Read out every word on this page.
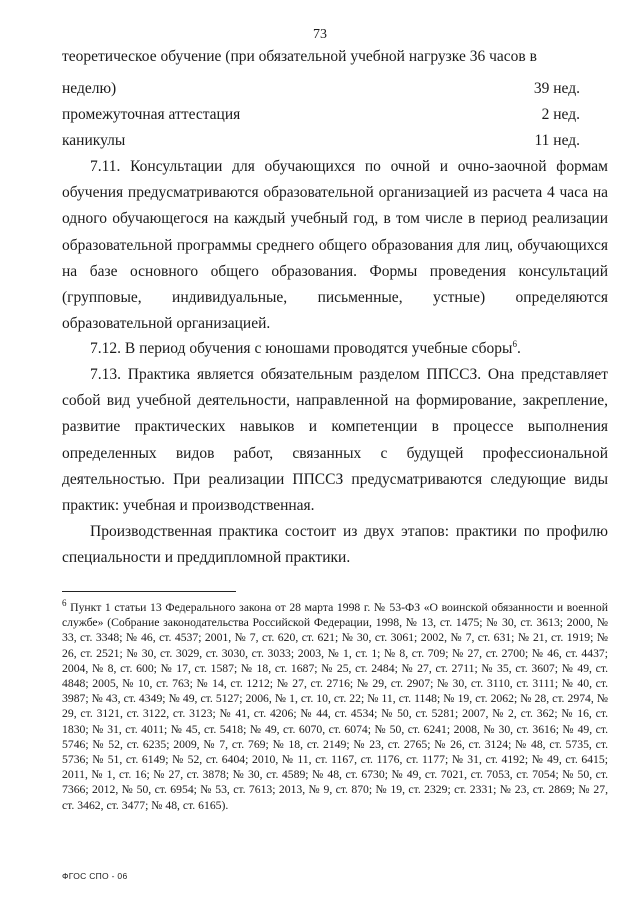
73
теоретическое обучение (при обязательной учебной нагрузке 36 часов в
неделю)	39 нед.
промежуточная аттестация	2 нед.
каникулы	11 нед.
7.11. Консультации для обучающихся по очной и очно-заочной формам обучения предусматриваются образовательной организацией из расчета 4 часа на одного обучающегося на каждый учебный год, в том числе в период реализации образовательной программы среднего общего образования для лиц, обучающихся на базе основного общего образования. Формы проведения консультаций (групповые, индивидуальные, письменные, устные) определяются образовательной организацией.
7.12. В период обучения с юношами проводятся учебные сборы$^6$.
7.13. Практика является обязательным разделом ППССЗ. Она представляет собой вид учебной деятельности, направленной на формирование, закрепление, развитие практических навыков и компетенции в процессе выполнения определенных видов работ, связанных с будущей профессиональной деятельностью. При реализации ППССЗ предусматриваются следующие виды практик: учебная и производственная.
Производственная практика состоит из двух этапов: практики по профилю специальности и преддипломной практики.
$^6$ Пункт 1 статьи 13 Федерального закона от 28 марта 1998 г. № 53-ФЗ «О воинской обязанности и военной службе» (Собрание законодательства Российской Федерации, 1998, № 13, ст. 1475; № 30, ст. 3613; 2000, № 33, ст. 3348; № 46, ст. 4537; 2001, № 7, ст. 620, ст. 621; № 30, ст. 3061; 2002, № 7, ст. 631; № 21, ст. 1919; № 26, ст. 2521; № 30, ст. 3029, ст. 3030, ст. 3033; 2003, № 1, ст. 1; № 8, ст. 709; № 27, ст. 2700; № 46, ст. 4437; 2004, № 8, ст. 600; № 17, ст. 1587; № 18, ст. 1687; № 25, ст. 2484; № 27, ст. 2711; № 35, ст. 3607; № 49, ст. 4848; 2005, № 10, ст. 763; № 14, ст. 1212; № 27, ст. 2716; № 29, ст. 2907; № 30, ст. 3110, ст. 3111; № 40, ст. 3987; № 43, ст. 4349; № 49, ст. 5127; 2006, № 1, ст. 10, ст. 22; № 11, ст. 1148; № 19, ст. 2062; № 28, ст. 2974, № 29, ст. 3121, ст. 3122, ст. 3123; № 41, ст. 4206; № 44, ст. 4534; № 50, ст. 5281; 2007, № 2, ст. 362; № 16, ст. 1830; № 31, ст. 4011; № 45, ст. 5418; № 49, ст. 6070, ст. 6074; № 50, ст. 6241; 2008, № 30, ст. 3616; № 49, ст. 5746; № 52, ст. 6235; 2009, № 7, ст. 769; № 18, ст. 2149; № 23, ст. 2765; № 26, ст. 3124; № 48, ст. 5735, ст. 5736; № 51, ст. 6149; № 52, ст. 6404; 2010, № 11, ст. 1167, ст. 1176, ст. 1177; № 31, ст. 4192; № 49, ст. 6415; 2011, № 1, ст. 16; № 27, ст. 3878; № 30, ст. 4589; № 48, ст. 6730; № 49, ст. 7021, ст. 7053, ст. 7054; № 50, ст. 7366; 2012, № 50, ст. 6954; № 53, ст. 7613; 2013, № 9, ст. 870; № 19, ст. 2329; ст. 2331; № 23, ст. 2869; № 27, ст. 3462, ст. 3477; № 48, ст. 6165).
ФГОС СПО - 06
